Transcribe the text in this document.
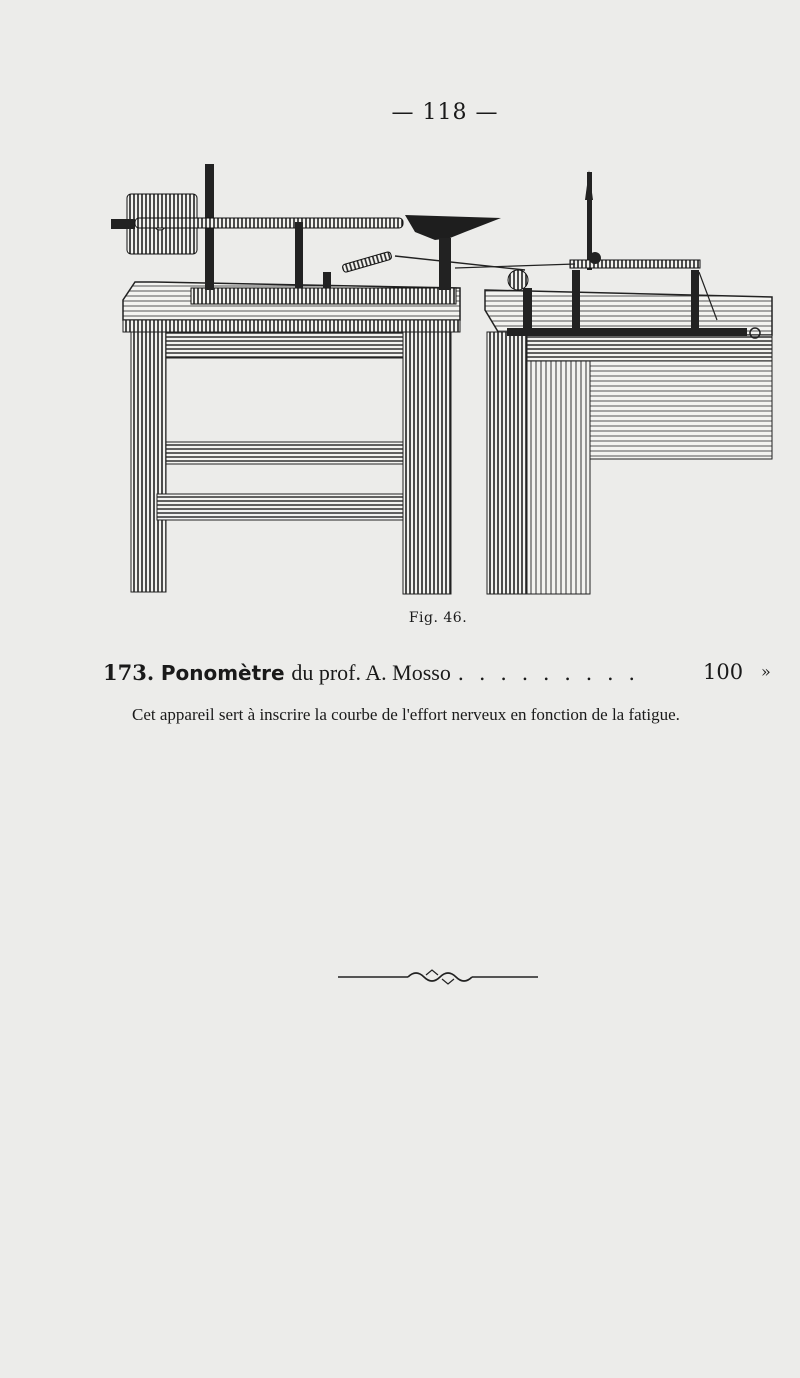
— 118 —
Fig. 46.
173. Ponomètre du prof. A. Mosso . . . . . . . . .	100 »
Cet appareil sert à inscrire la courbe de l'effort nerveux en fonction de la fatigue.
